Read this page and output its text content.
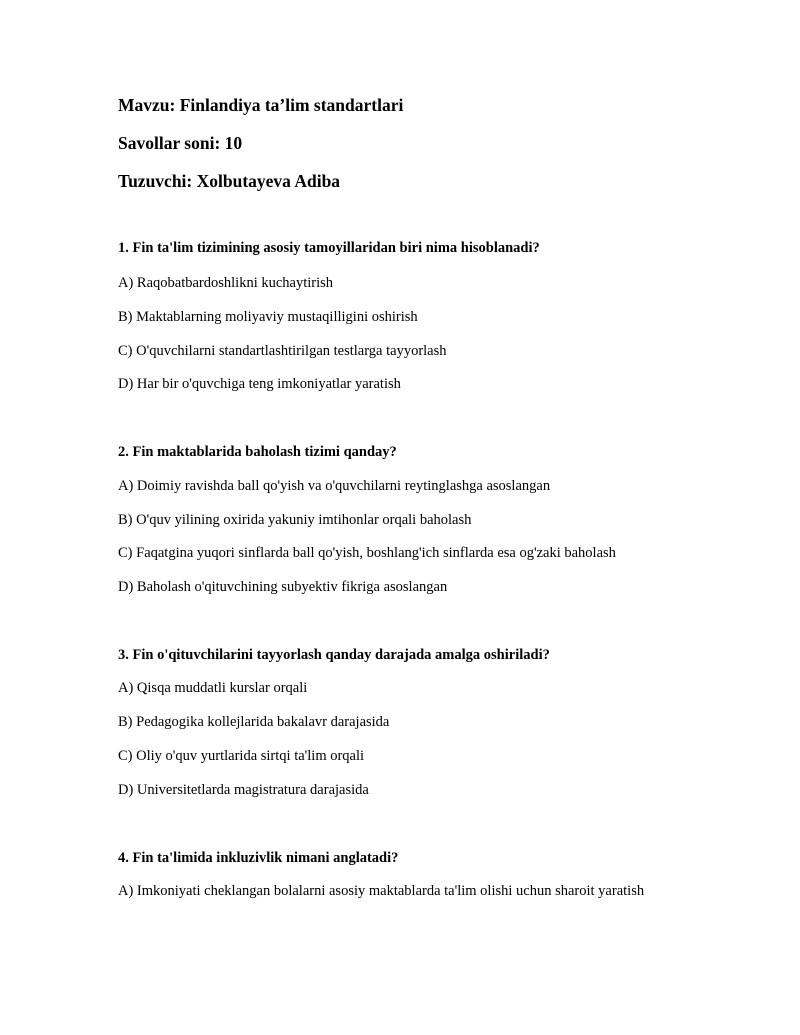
Mavzu: Finlandiya ta’lim standartlari
Savollar soni: 10
Tuzuvchi: Xolbutayeva Adiba
1. Fin ta'lim tizimining asosiy tamoyillaridan biri nima hisoblanadi?
A) Raqobatbardoshlikni kuchaytirish
B) Maktablarning moliyaviy mustaqilligini oshirish
C) O'quvchilarni standartlashtirilgan testlarga tayyorlash
D) Har bir o'quvchiga teng imkoniyatlar yaratish
2. Fin maktablarida baholash tizimi qanday?
A) Doimiy ravishda ball qo'yish va o'quvchilarni reytinglashga asoslangan
B) O'quv yilining oxirida yakuniy imtihonlar orqali baholash
C) Faqatgina yuqori sinflarda ball qo'yish, boshlang'ich sinflarda esa og'zaki baholash
D) Baholash o'qituvchining subyektiv fikriga asoslangan
3. Fin o'qituvchilarini tayyorlash qanday darajada amalga oshiriladi?
A) Qisqa muddatli kurslar orqali
B) Pedagogika kollejlarida bakalavr darajasida
C) Oliy o'quv yurtlarida sirtqi ta'lim orqali
D) Universitetlarda magistratura darajasida
4. Fin ta'limida inkluzivlik nimani anglatadi?
A) Imkoniyati cheklangan bolalarni asosiy maktablarda ta'lim olishi uchun sharoit yaratish
